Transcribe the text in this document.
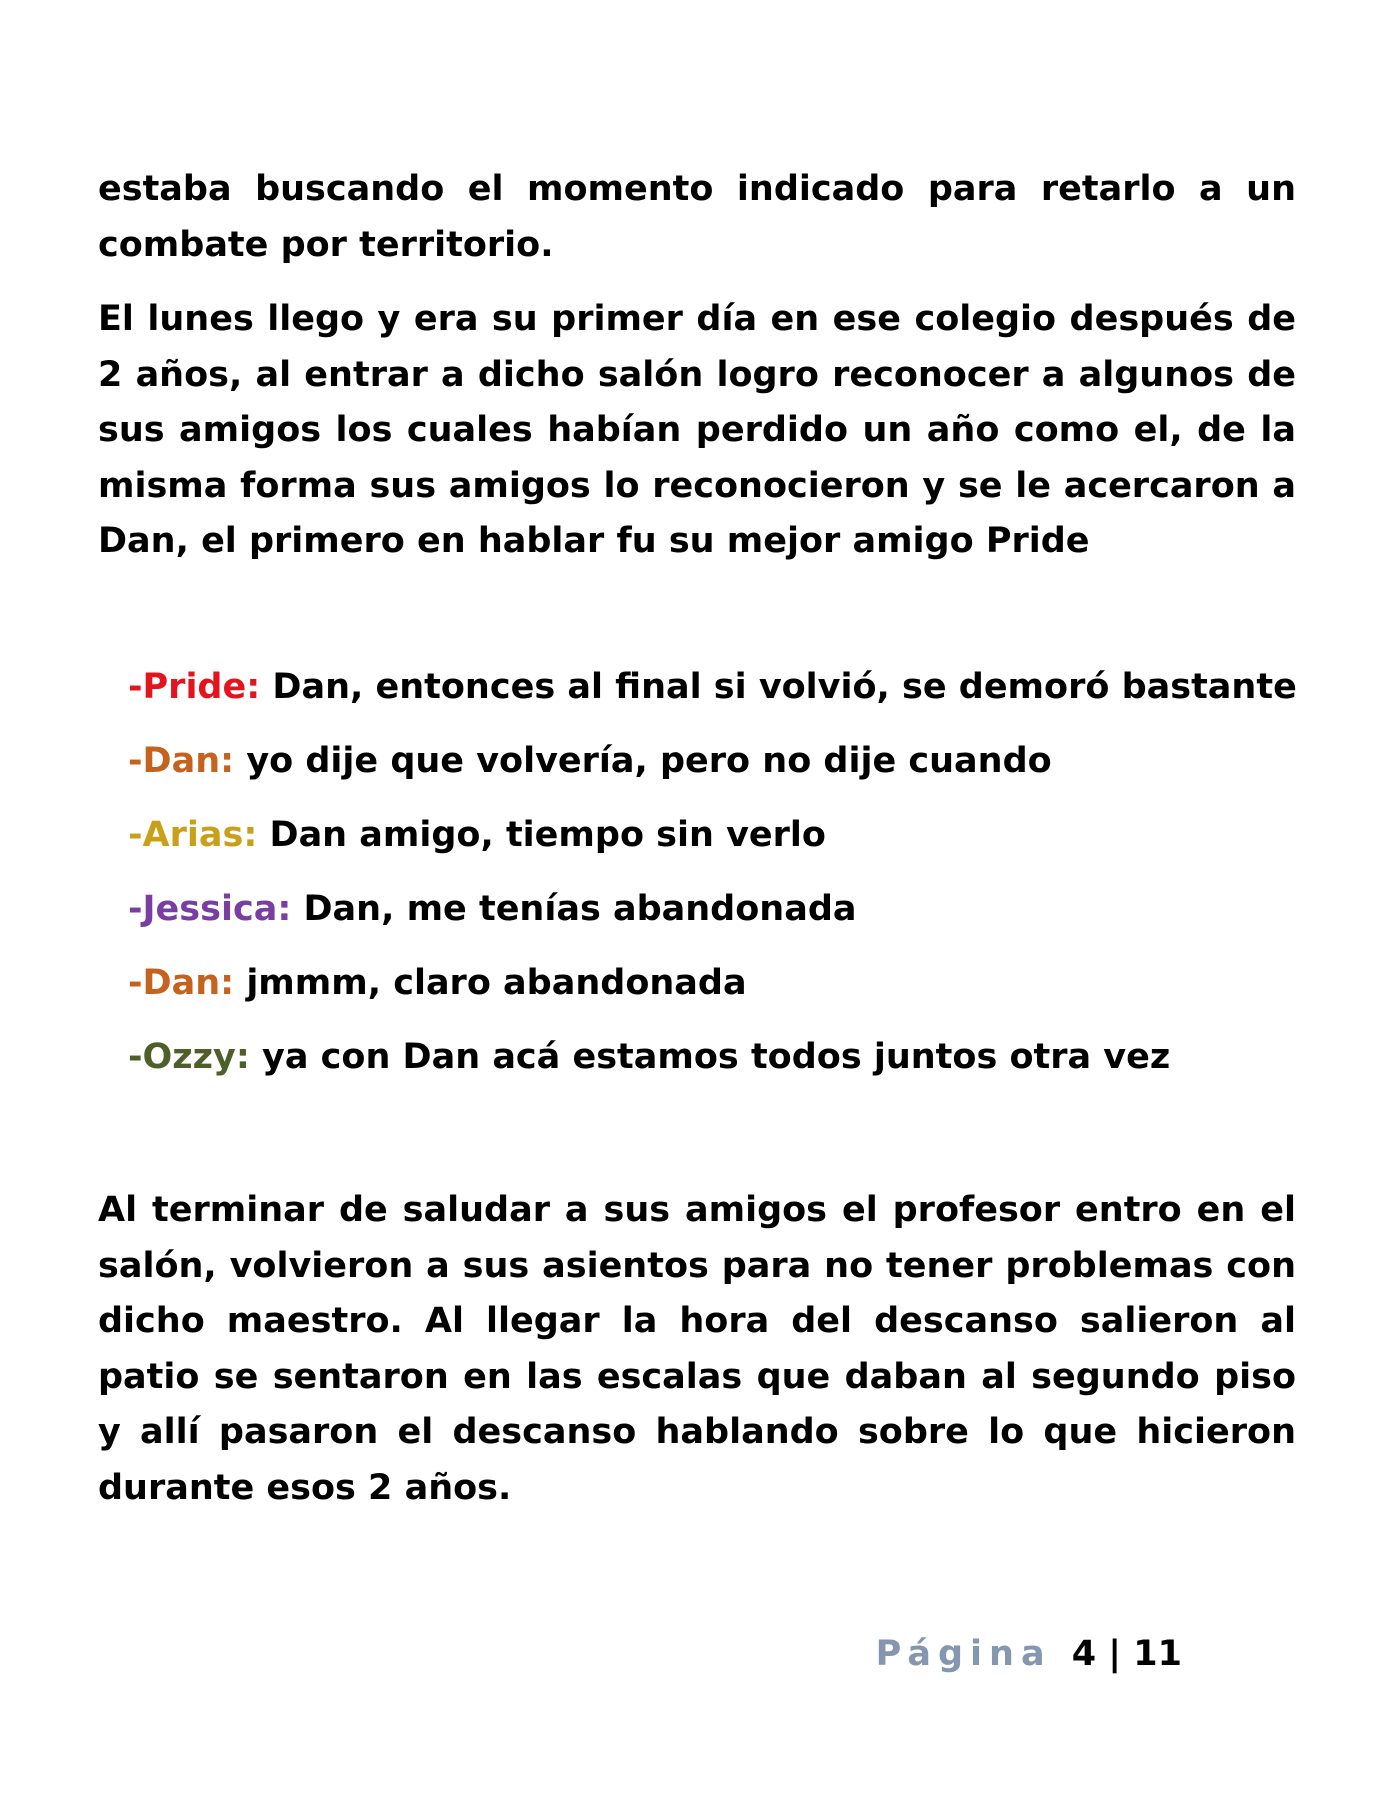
estaba buscando el momento indicado para retarlo a un combate por territorio.

El lunes llego y era su primer día en ese colegio después de 2 años, al entrar a dicho salón logro reconocer a algunos de sus amigos los cuales habían perdido un año como el, de la misma forma sus amigos lo reconocieron y se le acercaron a Dan, el primero en hablar fu su mejor amigo Pride

-Pride: Dan, entonces al final si volvió, se demoró bastante
-Dan: yo dije que volvería, pero no dije cuando
-Arias: Dan amigo, tiempo sin verlo
-Jessica: Dan, me tenías abandonada
-Dan: jmmm, claro abandonada
-Ozzy: ya con Dan acá estamos todos juntos otra vez

Al terminar de saludar a sus amigos el profesor entro en el salón, volvieron a sus asientos para no tener problemas con dicho maestro. Al llegar la hora del descanso salieron al patio se sentaron en las escalas que daban al segundo piso y allí pasaron el descanso hablando sobre lo que hicieron durante esos 2 años.

Página 4 | 11
